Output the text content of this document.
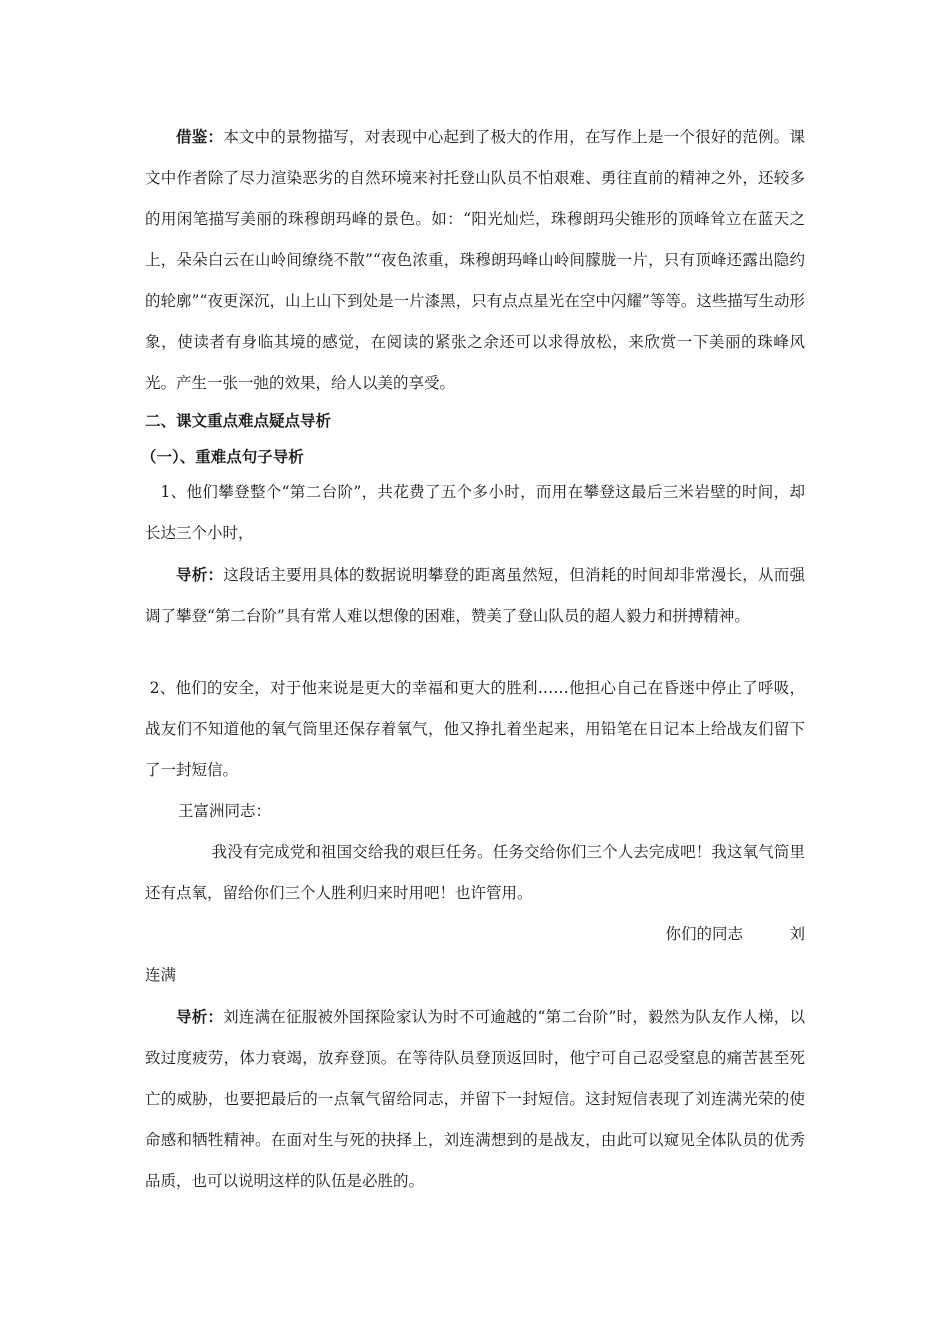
借鉴：本文中的景物描写，对表现中心起到了极大的作用，在写作上是一个很好的范例。课文中作者除了尽力渲染恶劣的自然环境来衬托登山队员不怕艰难、勇往直前的精神之外，还较多的用闲笔描写美丽的珠穆朗玛峰的景色。如：“阳光灿烂，珠穆朗玛尖锥形的顶峰耸立在蓝天之上，朵朵白云在山岭间缭绕不散”“夜色浓重，珠穆朗玛峰山岭间朦胧一片，只有顶峰还露出隐约的轮廓”“夜更深沉，山上山下到处是一片漆黑，只有点点星光在空中闪耀”等等。这些描写生动形象，使读者有身临其境的感觉，在阅读的紧张之余还可以求得放松，来欣赏一下美丽的珠峰风光。产生一张一弛的效果，给人以美的享受。

二、课文重点难点疑点导析

（一）、重难点句子导析

1、他们攀登整个“第二台阶”，共花费了五个多小时，而用在攀登这最后三米岩壁的时间，却长达三个小时，

导析：这段话主要用具体的数据说明攀登的距离虽然短，但消耗的时间却非常漫长，从而强调了攀登“第二台阶”具有常人难以想像的困难，赞美了登山队员的超人毅力和拼搏精神。

2、他们的安全，对于他来说是更大的幸福和更大的胜利……他担心自己在昏迷中停止了呼吸，战友们不知道他的氧气筒里还保存着氧气，他又挣扎着坐起来，用铅笔在日记本上给战友们留下了一封短信。

王富洲同志：

我没有完成党和祖国交给我的艰巨任务。任务交给你们三个人去完成吧！我这氧气筒里还有点氧，留给你们三个人胜利归来时用吧！也许管用。

你们的同志　　　刘

连满

导析：刘连满在征服被外国探险家认为时不可逾越的“第二台阶”时，毅然为队友作人梯，以致过度疲劳，体力衰竭，放弃登顶。在等待队员登顶返回时，他宁可自己忍受窒息的痛苦甚至死亡的威胁，也要把最后的一点氧气留给同志，并留下一封短信。这封短信表现了刘连满光荣的使命感和牺牲精神。在面对生与死的抉择上，刘连满想到的是战友，由此可以窥见全体队员的优秀品质，也可以说明这样的队伍是必胜的。
